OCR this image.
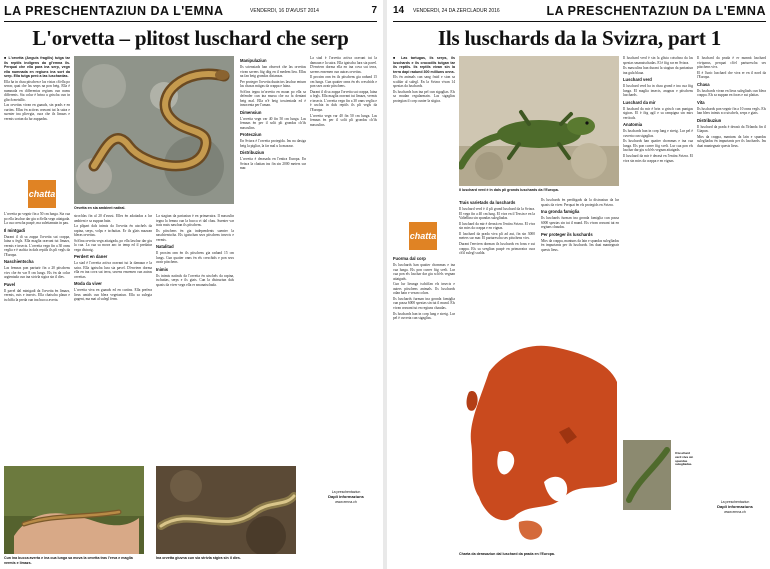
LA PRESCHENTAZIUN DA L'EMNA	VENDERDI, 16 D'AVUST 2014	7
L'orvetta – plitost luschard che serp

■ L'orvetta (Anguis fragilis) tutga tar ils reptils indigens da gl'emna ils. Perquai che ella para ina serp, vegn ella numnada en regiuns ina sort da serp. Ella tutga però a las luschardas.

Ella ha in chau pitschen e las vistas ch'ella po serrar, quai che las serps na pon betg. Ella è numnada en differentas regiuns cun nums differents. Sia colur è brina u grischa cun in glisch metallic.

Las orvettas vivan en guauds, sin prads e en curtins. Ellas èn activas oravant tut la saira e suenter ina plievgia, cura che ils limazs e vermis sortan da lur zuppadas.

chatta

L'orvetta po vegnir fin a 50 cm lunga. Sia cua po ella laschar dar giu sch'ella vegn attatgada. La cua crescha puspè, ma sulettamain in pau.

Il mintgadi

Durant il di sa zuppa l'orvetta sut crappa, laina u fegls. Ella maglia oravant tut limazs, vermis e insects. L'orvetta vegn fin a 30 onns veglia e è uschia in dals reptils ils pli vegls da l'Europa.

Naschientscha

Las femnas pon parturir fin a 20 pitschens vivs che èn var 8 cm lungs. Els èn da colur argientada cun ina strivla stgira sin il dies.

Pavel

Il pavel dal mintgadi da l'orvetta èn limazs, vermis, ruts e insects. Ella chatscha plaun e tschiffa la preda cun ina bucca averta.

Orvetta en sia ambient natiral.

strochlas fin al 20 d'avust. Elles èn adattadas a lur ambient e sa zuppan bain.

La plipart dals inimis da l'orvetta èn utschels da rapina, serps, volps e tschuttas. Er ils glats mazzan bleras orvettas.

Sch'ina orvetta vegn attatgada, po ella laschar dar giu la cua. La cua sa mova anc in temp ed il predatur vegn distratg.

Perdert en daner

La stad è l'orvetta activa oravant tut la damaun e la saira. Ella tgatscha lura sia pavel. D'enviern dorma ella en ina cova sut terra, savens ensemen cun autras orvettas.

Moda da viver

L'orvetta viva en guauds ed en curtins. Ella prefera lieus umids cun blera vegetaziun. Ella sa sulegia gugent, ma mai al sulegl ferm.

La stagiun da pariaziun è en primavaira. Il masculin tegna la femna cun la bucca vi dal chau. Suenter var trais mais naschan ils pitschens.

Ils pitschens èn gia independents suenter la naschientscha. Els tgatschan sezs pitschens insects e vermis.

Natalitad

Il proxim onn èn ils pitschens gia radund 15 cm lungs. Cun quatter onns èn els creschids e pon sezs avair pitschens.

Inimis

Ils inimis natirals da l'orvetta èn utschels da rapina, tschuttas, serps e ils giats. Cun la distruziun dals spazis da viver vegn ella er smanatschada.

Manipulaziun

Ils scienziads han observà che las orvettas vivan savens fitg ditg en il medem lieu. Ellas na fan betg grondas distanzas.

Per proteger l'orvetta duain ins laschar enturn las chasas mitgas da crappa e laina.

Sch'ins tegna in'orvetta en maun po ella sa defender cun ina mursa che na fa dentant betg mal. Ella n'è betg tossientada ed è innocenta per l'uman.

Dimensiun

L'orvetta vegn var 40 fin 50 cm lunga. Las femnas èn per il solit pli grondas ch'ils masculins.

Protecziun

En Svizra è l'orvetta protegida. Ins na dastga betg la pigliar, la far mal u la mazzar.

Distribuziun

L'orvetta è derasada en l'entira Europa. En Svizra la chattan ins fin sin 2000 meters sur mar.

La stad è l'orvetta activa oravant tut la damaun e la saira. Ella tgatscha lura sia pavel. D'enviern dorma ella en ina cova sut terra, savens ensemen cun autras orvettas.

Il proxim onn èn ils pitschens gia radund 15 cm lungs. Cun quatter onns èn els creschids e pon sezs avair pitschens.

Durant il di sa zuppa l'orvetta sut crappa, laina u fegls. Ella maglia oravant tut limazs, vermis e insects. L'orvetta vegn fin a 30 onns veglia e è uschia in dals reptils ils pli vegls da l'Europa.

L'orvetta vegn var 40 fin 50 cm lunga. Las femnas èn per il solit pli grondas ch'ils masculins.

La preschentaziun
Dapli informaziuns
www.emna.ch
Cun ina bucca averta e ina cua lunga sa mova la orvetta tras l'erva e maglia vermis e limazs.
Ina orvetta giuvna cun sia strivla stgira sin il dies.
14 VENDERDI, 24 DA ZERCLADUR 2016	LA PRESCHENTAZIUN DA L'EMNA
Ils luschards da la Svizra, part 1

■ Las tartugas, ils serps, ils luschards e ils crocodils tutgan tar ils reptils. Ils reptils vivan sin la terra dapi radund 300 milliuns onns.

Els èn animals cun sang fraid e ston sa scaldar al sulegl. En la Svizra vivan 14 spezias da luschards.

Ils luschards han ina pel cun stgaglias. Els sa mudan regularmain. Las stgaglias protegian il corp cunter la sitgira.

chatta
Fuorma dal corp

Ils luschards han quatter chommas e ina cua lunga. Els pon currer fitg svelt. Lur cua pon els laschar dar giu sch'els vegnan attatgads.

Cun lur lieunga tschiffan els insects e auters pitschens animals. Ils luschards odan bain e vesan colurs.

Ils luschards furman ina gronda famiglia cun passa 6000 spezias sin tut il mund. Els vivan oravant tut en regiuns chaudas.

Ils luschards han in corp lung e stretg. Lur pel è cuverta cun stgaglias.

Il luschard verd è in dals pli gronds luschards da l'Europa.
Trais varietads da luschards

Il luschard verd è il pli grond luschard da la Svizra. El vegn fin a 40 cm lung. El viva en il Tessin e en la Valtellina sin spundas sulegliadas.

Il luschard da mir è derasà en l'entira Svizra. El viva sin mirs da crappa e en vignas.

Il luschard da prada viva pli ad aut, fin sin 3000 meters sur mar. El parturescha ses pitschens vivs.

Durant l'enviern dorman ils luschards en foras e sut crappa. Els sa sveglian puspè en primavaira cura ch'il sulegl scalda.

Ils luschards èn perditgads da la distruziun da lur spazis da viver. Perquai èn els protegids en Svizra.

Ina gronda famiglia

Ils luschards furman ina gronda famiglia cun passa 6000 spezias sin tut il mund. Els vivan oravant tut en regiuns chaudas.

Per proteger ils luschards

Mirs da crappa, mantuns da lain e spundas sulegliadas èn impurtants per ils luschards. Ins duai mantegnair quests lieus.

Charta da derasaziun dal luschard da prada en l'Europa.

Il luschard verd è sin la glista cotschna da las spezias smanatschadas. El è fitg rar en Svizra.

Ils masculins han durant la stagiun da pariaziun ina gula blaua.

Luschard verd

Il luschard verd ha in chau grond e ina cua fitg lunga. El maglia insects, aragnas e pitschens luschards.

Luschard da mir

Il luschard da mir è brin u grisch cun puntgas stgiras. El è fitg agil e sa rampigna sin mirs verticals.

Anatomia

Ils luschards han in corp lung e stretg. Lur pel è cuverta cun stgaglias.

Ils luschards han quatter chommas e ina cua lunga. Els pon currer fitg svelt. Lur cua pon els laschar dar giu sch'els vegnan attatgads.

Il luschard da mir è derasà en l'entira Svizra. El viva sin mirs da crappa e en vignas.

Il luschard da prada è er numnà luschard viviparus, perquai ch'el parturescha ses pitschens vivs.

El è l'unic luschard che viva er en il nord da l'Europa.

Chasa

Ils luschards vivan en lieus sulegliads cun blera crappa. Els sa zuppan en foras e sut plattas.

Vita

Ils luschards pon vegnir fin a 10 onns vegls. Els han blers inimis sco utschels, serps e giats.

Distribuziun

Il luschard da prada è derasà da l'Irlanda fin il Giapun.

Mirs da crappa, mantuns da lain e spundas sulegliadas èn impurtants per ils luschards. Ins duai mantegnair quests lieus.

Il luschard verd viva sin spundas sulegliadas.
La preschentaziun
Dapli informaziuns
www.emna.ch
